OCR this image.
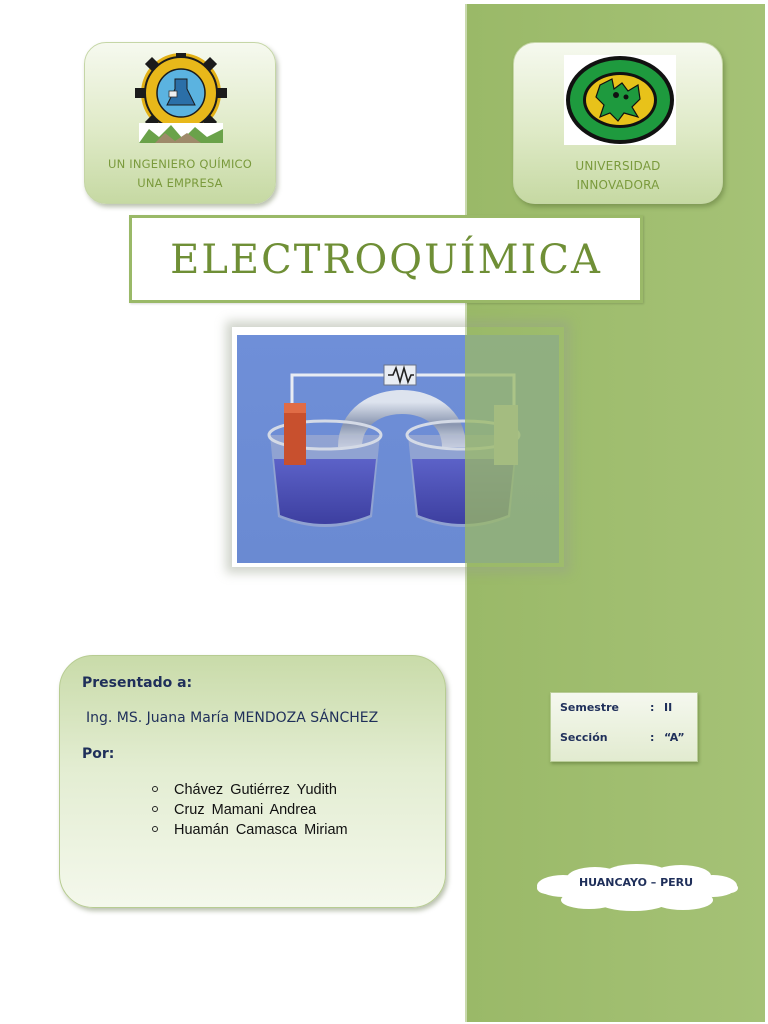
UN INGENIERO QUÍMICO
UNA EMPRESA
UNIVERSIDAD
INNOVADORA
ELECTROQUÍMICA
Presentado a:
Ing. MS. Juana María MENDOZA SÁNCHEZ
Por:
Chávez Gutiérrez Yudith
Cruz Mamani Andrea
Huamán Camasca Miriam
Semestre	: II
Sección	: “A”
HUANCAYO – PERU
